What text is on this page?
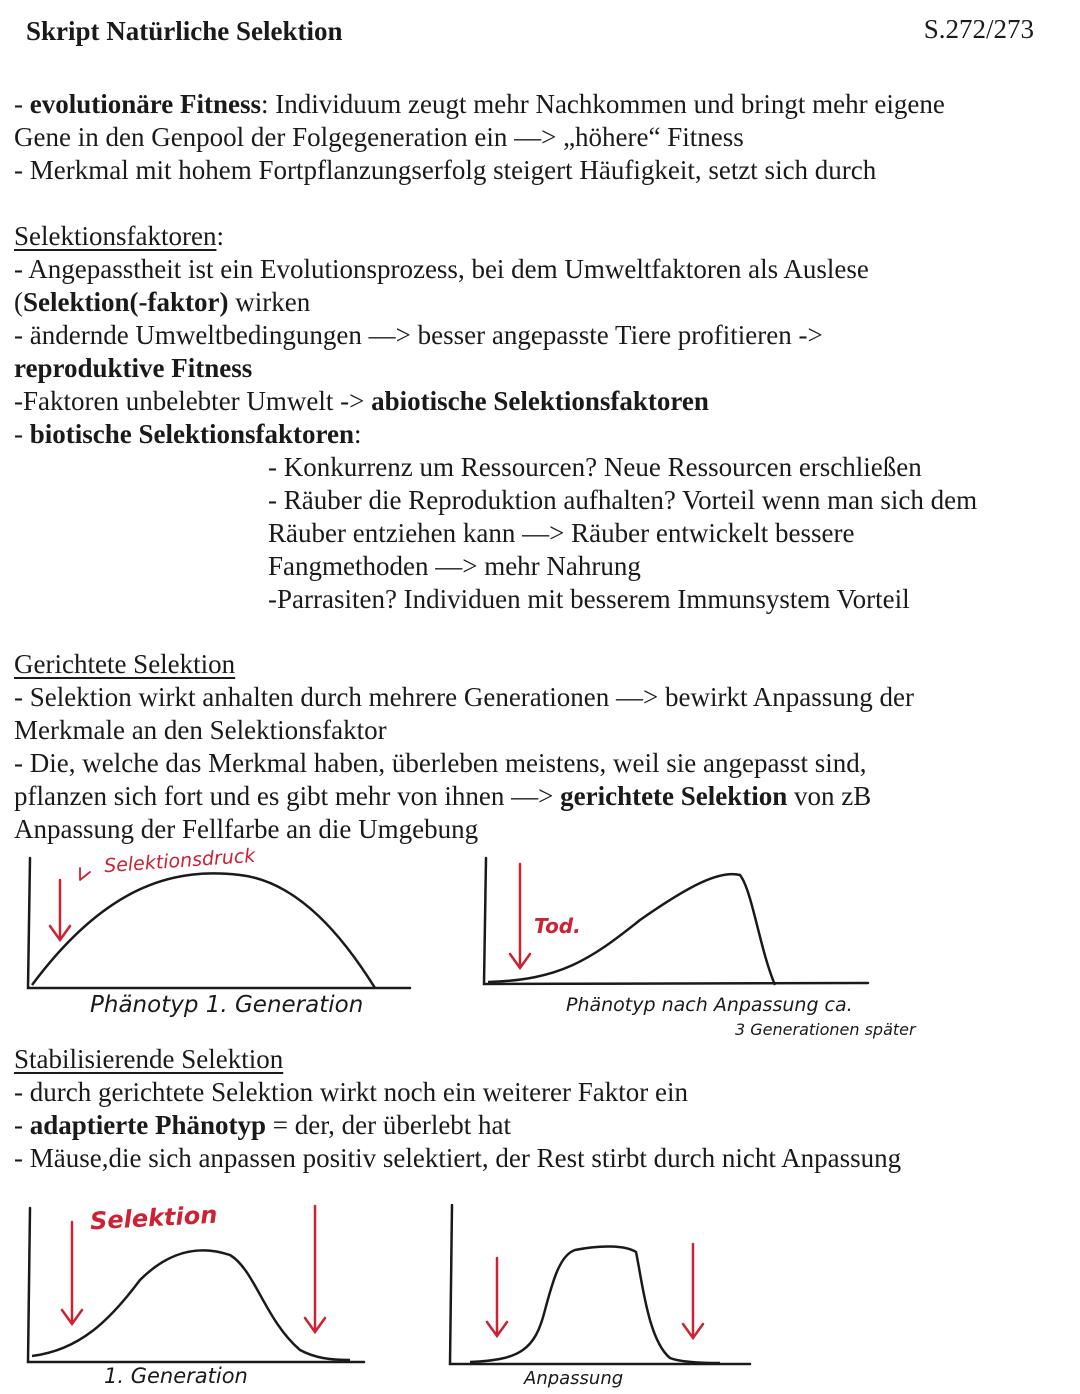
Skript Natürliche Selektion	S.272/273
- evolutionäre Fitness: Individuum zeugt mehr Nachkommen und bringt mehr eigene
Gene in den Genpool der Folgegeneration ein —> „höhere“ Fitness
- Merkmal mit hohem Fortpflanzungserfolg steigert Häufigkeit, setzt sich durch
Selektionsfaktoren:
- Angepasstheit ist ein Evolutionsprozess, bei dem Umweltfaktoren als Auslese
(Selektion(-faktor) wirken
- ändernde Umweltbedingungen —> besser angepasste Tiere profitieren ->
reproduktive Fitness
-Faktoren unbelebter Umwelt -> abiotische Selektionsfaktoren
- biotische Selektionsfaktoren:
- Konkurrenz um Ressourcen? Neue Ressourcen erschließen
- Räuber die Reproduktion aufhalten? Vorteil wenn man sich dem
Räuber entziehen kann —> Räuber entwickelt bessere
Fangmethoden —> mehr Nahrung
-Parrasiten? Individuen mit besserem Immunsystem Vorteil
Gerichtete Selektion
- Selektion wirkt anhalten durch mehrere Generationen —> bewirkt Anpassung der
Merkmale an den Selektionsfaktor
- Die, welche das Merkmal haben, überleben meistens, weil sie angepasst sind,
pflanzen sich fort und es gibt mehr von ihnen —> gerichtete Selektion von zB
Anpassung der Fellfarbe an die Umgebung
Selektionsdruck
Phänotyp 1. Generation
Tod.
Phänotyp nach Anpassung ca.
3 Generationen später
Stabilisierende Selektion
- durch gerichtete Selektion wirkt noch ein weiterer Faktor ein
- adaptierte Phänotyp = der, der überlebt hat
- Mäuse,die sich anpassen positiv selektiert, der Rest stirbt durch nicht Anpassung
Selektion
1. Generation	Anpassung
